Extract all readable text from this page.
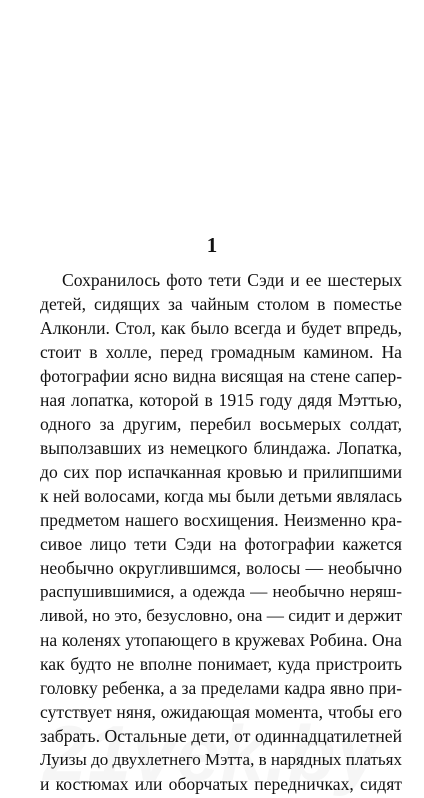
1
Сохранилось фото тети Сэди и ее шестерых
детей, сидящих за чайным столом в поместье
Алконли. Стол, как было всегда и будет впредь,
стоит в холле, перед громадным камином. На
фотографии ясно видна висящая на стене сапер-
ная лопатка, которой в 1915 году дядя Мэттью,
одного за другим, перебил восьмерых солдат,
выползавших из немецкого блиндажа. Лопатка,
до сих пор испачканная кровью и прилипшими
к ней волосами, когда мы были детьми являлась
предметом нашего восхищения. Неизменно кра-
сивое лицо тети Сэди на фотографии кажется
необычно округлившимся, волосы — необычно
распушившимися, а одежда — необычно неряш-
ливой, но это, безусловно, она — сидит и держит
на коленях утопающего в кружевах Робина. Она
как будто не вполне понимает, куда пристроить
головку ребенка, а за пределами кадра явно при-
сутствует няня, ожидающая момента, чтобы его
забрать. Остальные дети, от одиннадцатилетней
Луизы до двухлетнего Мэтта, в нарядных платьях
и костюмах или оборчатых передничках, сидят
